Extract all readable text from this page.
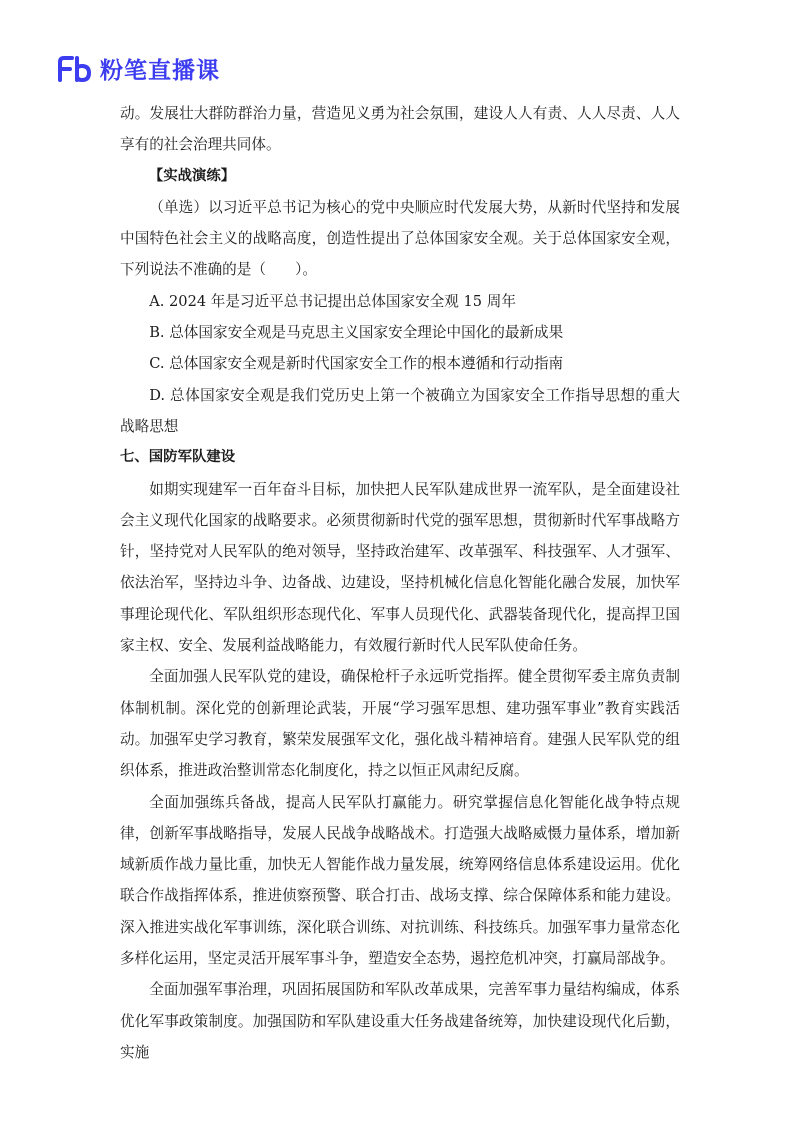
粉笔直播课

动。发展壮大群防群治力量，营造见义勇为社会氛围，建设人人有责、人人尽责、人人享有的社会治理共同体。

【实战演练】

（单选）以习近平总书记为核心的党中央顺应时代发展大势，从新时代坚持和发展中国特色社会主义的战略高度，创造性提出了总体国家安全观。关于总体国家安全观，下列说法不准确的是（　　）。

A. 2024 年是习近平总书记提出总体国家安全观 15 周年

B. 总体国家安全观是马克思主义国家安全理论中国化的最新成果

C. 总体国家安全观是新时代国家安全工作的根本遵循和行动指南

D. 总体国家安全观是我们党历史上第一个被确立为国家安全工作指导思想的重大战略思想

七、国防军队建设

如期实现建军一百年奋斗目标，加快把人民军队建成世界一流军队，是全面建设社会主义现代化国家的战略要求。必须贯彻新时代党的强军思想，贯彻新时代军事战略方针，坚持党对人民军队的绝对领导，坚持政治建军、改革强军、科技强军、人才强军、依法治军，坚持边斗争、边备战、边建设，坚持机械化信息化智能化融合发展，加快军事理论现代化、军队组织形态现代化、军事人员现代化、武器装备现代化，提高捍卫国家主权、安全、发展利益战略能力，有效履行新时代人民军队使命任务。

全面加强人民军队党的建设，确保枪杆子永远听党指挥。健全贯彻军委主席负责制体制机制。深化党的创新理论武装，开展“学习强军思想、建功强军事业”教育实践活动。加强军史学习教育，繁荣发展强军文化，强化战斗精神培育。建强人民军队党的组织体系，推进政治整训常态化制度化，持之以恒正风肃纪反腐。

全面加强练兵备战，提高人民军队打赢能力。研究掌握信息化智能化战争特点规律，创新军事战略指导，发展人民战争战略战术。打造强大战略威慑力量体系，增加新域新质作战力量比重，加快无人智能作战力量发展，统筹网络信息体系建设运用。优化联合作战指挥体系，推进侦察预警、联合打击、战场支撑、综合保障体系和能力建设。深入推进实战化军事训练，深化联合训练、对抗训练、科技练兵。加强军事力量常态化多样化运用，坚定灵活开展军事斗争，塑造安全态势，遏控危机冲突，打赢局部战争。

全面加强军事治理，巩固拓展国防和军队改革成果，完善军事力量结构编成，体系优化军事政策制度。加强国防和军队建设重大任务战建备统筹，加快建设现代化后勤，实施
